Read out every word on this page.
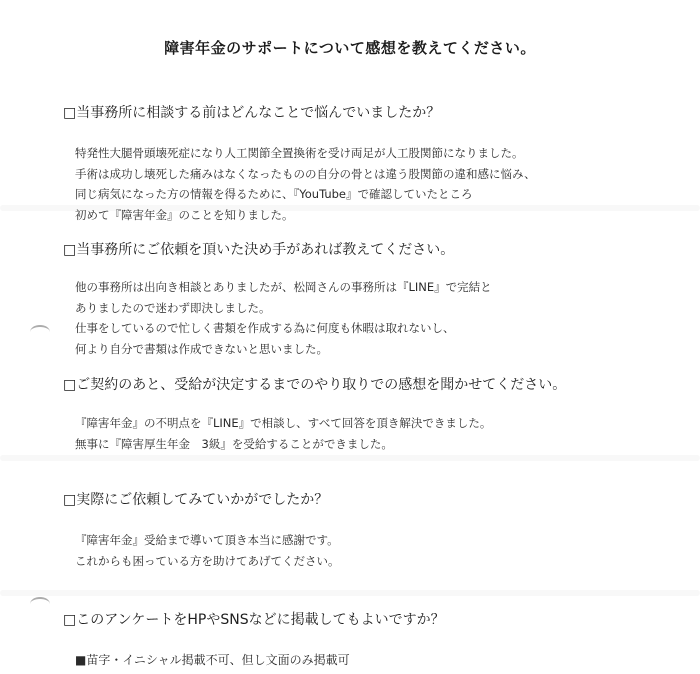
障害年金のサポートについて感想を教えてください。
□当事務所に相談する前はどんなことで悩んでいましたか？
特発性大腿骨頭壊死症になり人工関節全置換術を受け両足が人工股関節になりました。
手術は成功し壊死した痛みはなくなったものの自分の骨とは違う股関節の違和感に悩み、
同じ病気になった方の情報を得るために、『YouTube』で確認していたところ
初めて『障害年金』のことを知りました。
□当事務所にご依頼を頂いた決め手があれば教えてください。
他の事務所は出向き相談とありましたが、松岡さんの事務所は『LINE』で完結と
ありましたので迷わず即決しました。
仕事をしているので忙しく書類を作成する為に何度も休暇は取れないし、
何より自分で書類は作成できないと思いました。
□ご契約のあと、受給が決定するまでのやり取りでの感想を聞かせてください。
『障害年金』の不明点を『LINE』で相談し、すべて回答を頂き解決できました。
無事に『障害厚生年金　3級』を受給することができました。
□実際にご依頼してみていかがでしたか？
『障害年金』受給まで導いて頂き本当に感謝です。
これからも困っている方を助けてあげてください。
□このアンケートをHPやSNSなどに掲載してもよいですか？
■苗字・イニシャル掲載不可、但し文面のみ掲載可
